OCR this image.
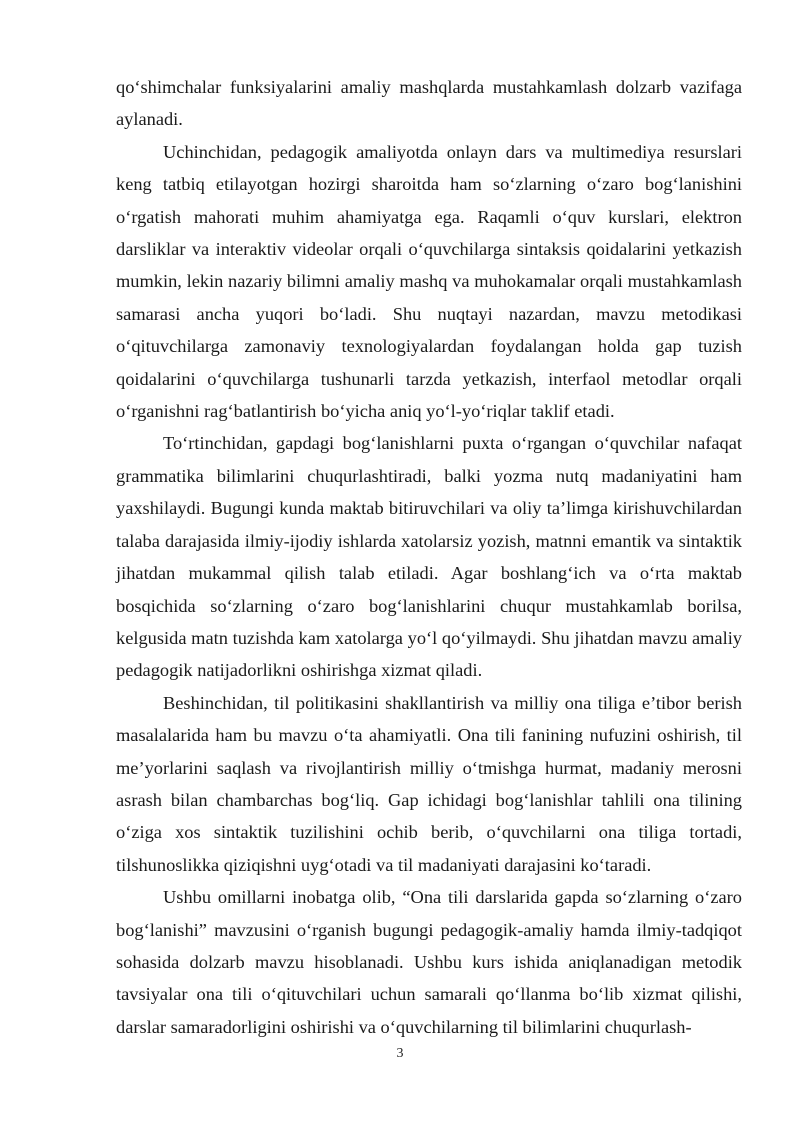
qo‘shimchalar funksiyalarini amaliy mashqlarda mustahkamlash dolzarb vazifaga aylanadi.

Uchinchidan, pedagogik amaliyotda onlayn dars va multimediya resurslari keng tatbiq etilayotgan hozirgi sharoitda ham so‘zlarning o‘zaro bog‘lanishini o‘rgatish mahorati muhim ahamiyatga ega. Raqamli o‘quv kurslari, elektron darsliklar va interaktiv videolar orqali o‘quvchilarga sintaksis qoidalarini yetkazish mumkin, lekin nazariy bilimni amaliy mashq va muhokamalar orqali mustahkamlash samarasi ancha yuqori bo‘ladi. Shu nuqtayi nazardan, mavzu metodikasi o‘qituvchilarga zamonaviy texnologiyalardan foydalangan holda gap tuzish qoidalarini o‘quvchilarga tushunarli tarzda yetkazish, interfaol metodlar orqali o‘rganishni rag‘batlantirish bo‘yicha aniq yo‘l-yo‘riqlar taklif etadi.

To‘rtinchidan, gapdagi bog‘lanishlarni puxta o‘rgangan o‘quvchilar nafaqat grammatika bilimlarini chuqurlashtiradi, balki yozma nutq madaniyatini ham yaxshilaydi. Bugungi kunda maktab bitiruvchilari va oliy ta’limga kirishuvchilardan talaba darajasida ilmiy-ijodiy ishlarda xatolarsiz yozish, matnni emantik va sintaktik jihatdan mukammal qilish talab etiladi. Agar boshlang‘ich va o‘rta maktab bosqichida so‘zlarning o‘zaro bog‘lanishlarini chuqur mustahkamlab borilsa, kelgusida matn tuzishda kam xatolarga yo‘l qo‘yilmaydi. Shu jihatdan mavzu amaliy pedagogik natijadorlikni oshirishga xizmat qiladi.

Beshinchidan, til politikasini shakllantirish va milliy ona tiliga e’tibor berish masalalarida ham bu mavzu o‘ta ahamiyatli. Ona tili fanining nufuzini oshirish, til me’yorlarini saqlash va rivojlantirish milliy o‘tmishga hurmat, madaniy merosni asrash bilan chambarchas bog‘liq. Gap ichidagi bog‘lanishlar tahlili ona tilining o‘ziga xos sintaktik tuzilishini ochib berib, o‘quvchilarni ona tiliga tortadi, tilshunoslikka qiziqishni uyg‘otadi va til madaniyati darajasini ko‘taradi.

Ushbu omillarni inobatga olib, “Ona tili darslarida gapda so‘zlarning o‘zaro bog‘lanishi” mavzusini o‘rganish bugungi pedagogik-amaliy hamda ilmiy-tadqiqot sohasida dolzarb mavzu hisoblanadi. Ushbu kurs ishida aniqlanadigan metodik tavsiyalar ona tili o‘qituvchilari uchun samarali qo‘llanma bo‘lib xizmat qilishi, darslar samaradorligini oshirishi va o‘quvchilarning til bilimlarini chuqurlash-

3
